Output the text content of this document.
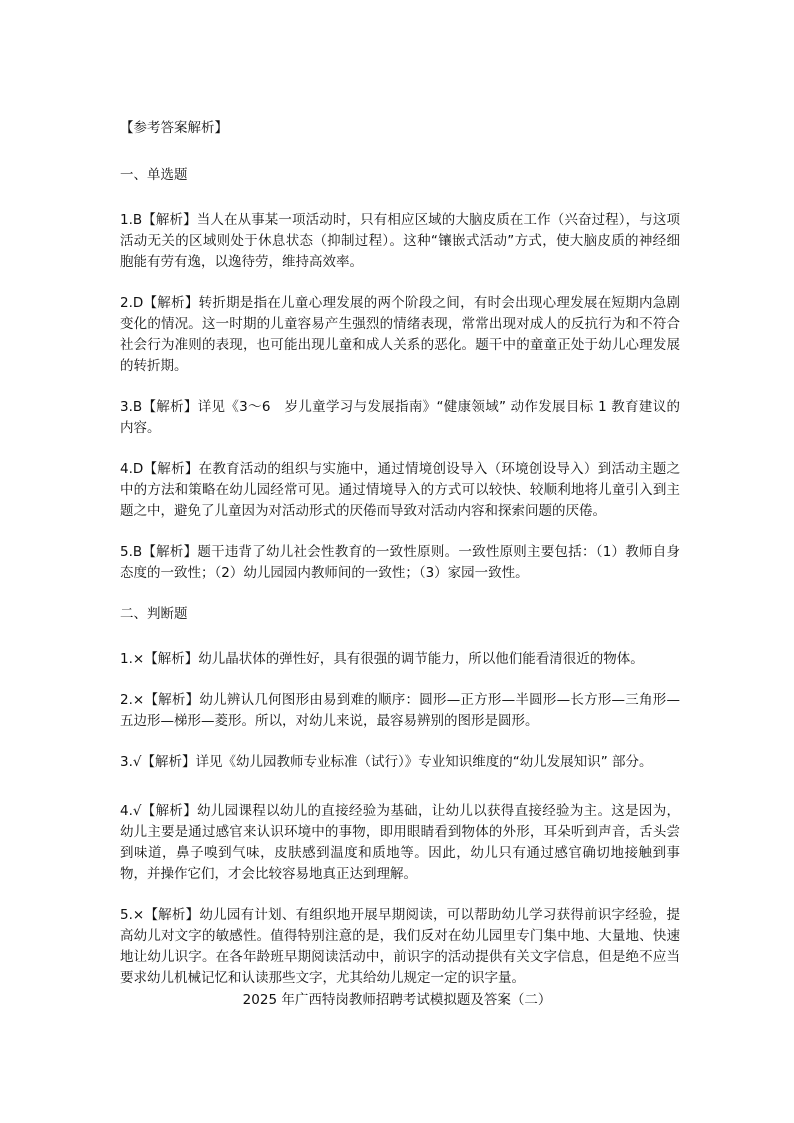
【参考答案解析】

一、单选题

1.B【解析】当人在从事某一项活动时，只有相应区域的大脑皮质在工作（兴奋过程），与这项活动无关的区域则处于休息状态（抑制过程）。这种“镶嵌式活动”方式，使大脑皮质的神经细胞能有劳有逸，以逸待劳，维持高效率。

2.D【解析】转折期是指在儿童心理发展的两个阶段之间，有时会出现心理发展在短期内急剧变化的情况。这一时期的儿童容易产生强烈的情绪表现，常常出现对成人的反抗行为和不符合社会行为准则的表现，也可能出现儿童和成人关系的恶化。题干中的童童正处于幼儿心理发展的转折期。

3.B【解析】详见《3～6　岁儿童学习与发展指南》“健康领域” 动作发展目标 1 教育建议的内容。

4.D【解析】在教育活动的组织与实施中，通过情境创设导入（环境创设导入）到活动主题之中的方法和策略在幼儿园经常可见。通过情境导入的方式可以较快、较顺利地将儿童引入到主题之中，避免了儿童因为对活动形式的厌倦而导致对活动内容和探索问题的厌倦。

5.B【解析】题干违背了幼儿社会性教育的一致性原则。一致性原则主要包括：（1）教师自身态度的一致性；（2）幼儿园园内教师间的一致性；（3）家园一致性。

二、判断题

1.×【解析】幼儿晶状体的弹性好，具有很强的调节能力，所以他们能看清很近的物体。

2.×【解析】幼儿辨认几何图形由易到难的顺序：圆形—正方形—半圆形—长方形—三角形—五边形—梯形—菱形。所以，对幼儿来说，最容易辨别的图形是圆形。

3.√【解析】详见《幼儿园教师专业标准（试行）》专业知识维度的“幼儿发展知识” 部分。

4.√【解析】幼儿园课程以幼儿的直接经验为基础，让幼儿以获得直接经验为主。这是因为，幼儿主要是通过感官来认识环境中的事物，即用眼睛看到物体的外形，耳朵听到声音，舌头尝到味道，鼻子嗅到气味，皮肤感到温度和质地等。因此，幼儿只有通过感官确切地接触到事物，并操作它们，才会比较容易地真正达到理解。

5.×【解析】幼儿园有计划、有组织地开展早期阅读，可以帮助幼儿学习获得前识字经验，提高幼儿对文字的敏感性。值得特别注意的是，我们反对在幼儿园里专门集中地、大量地、快速地让幼儿识字。在各年龄班早期阅读活动中，前识字的活动提供有关文字信息，但是绝不应当要求幼儿机械记忆和认读那些文字，尤其给幼儿规定一定的识字量。

2025 年广西特岗教师招聘考试模拟题及答案（二）
